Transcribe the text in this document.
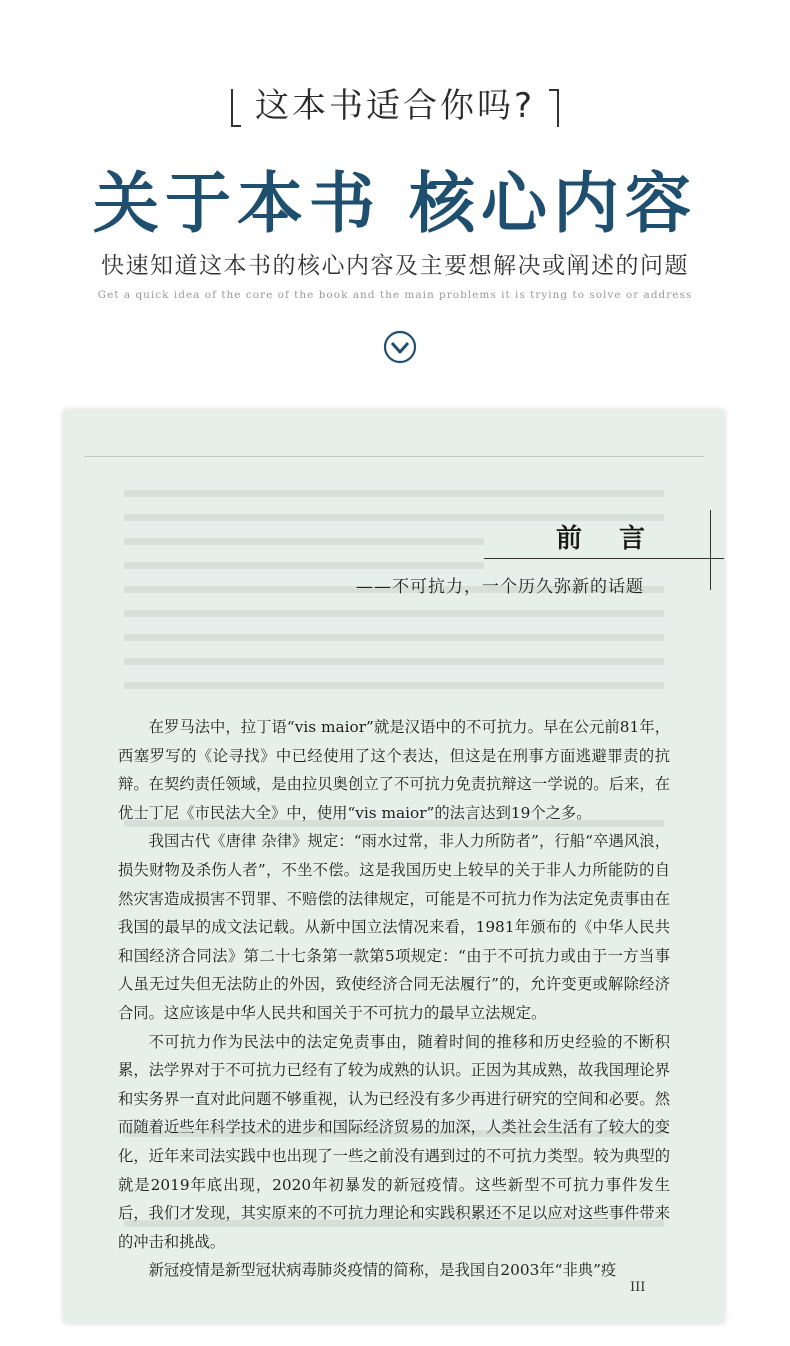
这本书适合你吗?
关于本书 核心内容
快速知道这本书的核心内容及主要想解决或阐述的问题
Get a quick idea of the core of the book and the main problems it is trying to solve or address
前 言
——不可抗力，一个历久弥新的话题

在罗马法中，拉丁语“vis maior”就是汉语中的不可抗力。早在公元前81年，西塞罗写的《论寻找》中已经使用了这个表达，但这是在刑事方面逃避罪责的抗辩。在契约责任领域，是由拉贝奥创立了不可抗力免责抗辩这一学说的。后来，在优士丁尼《市民法大全》中，使用“vis maior”的法言达到19个之多。

我国古代《唐律 杂律》规定：“雨水过常，非人力所防者”，行船“卒遇风浪，损失财物及杀伤人者”，不坐不偿。这是我国历史上较早的关于非人力所能防的自然灾害造成损害不罚罪、不赔偿的法律规定，可能是不可抗力作为法定免责事由在我国的最早的成文法记载。从新中国立法情况来看，1981年颁布的《中华人民共和国经济合同法》第二十七条第一款第5项规定：“由于不可抗力或由于一方当事人虽无过失但无法防止的外因，致使经济合同无法履行”的，允许变更或解除经济合同。这应该是中华人民共和国关于不可抗力的最早立法规定。

不可抗力作为民法中的法定免责事由，随着时间的推移和历史经验的不断积累，法学界对于不可抗力已经有了较为成熟的认识。正因为其成熟，故我国理论界和实务界一直对此问题不够重视，认为已经没有多少再进行研究的空间和必要。然而随着近些年科学技术的进步和国际经济贸易的加深，人类社会生活有了较大的变化，近年来司法实践中也出现了一些之前没有遇到过的不可抗力类型。较为典型的就是2019年底出现，2020年初暴发的新冠疫情。这些新型不可抗力事件发生后，我们才发现，其实原来的不可抗力理论和实践积累还不足以应对这些事件带来的冲击和挑战。

新冠疫情是新型冠状病毒肺炎疫情的简称，是我国自2003年“非典”疫

III
